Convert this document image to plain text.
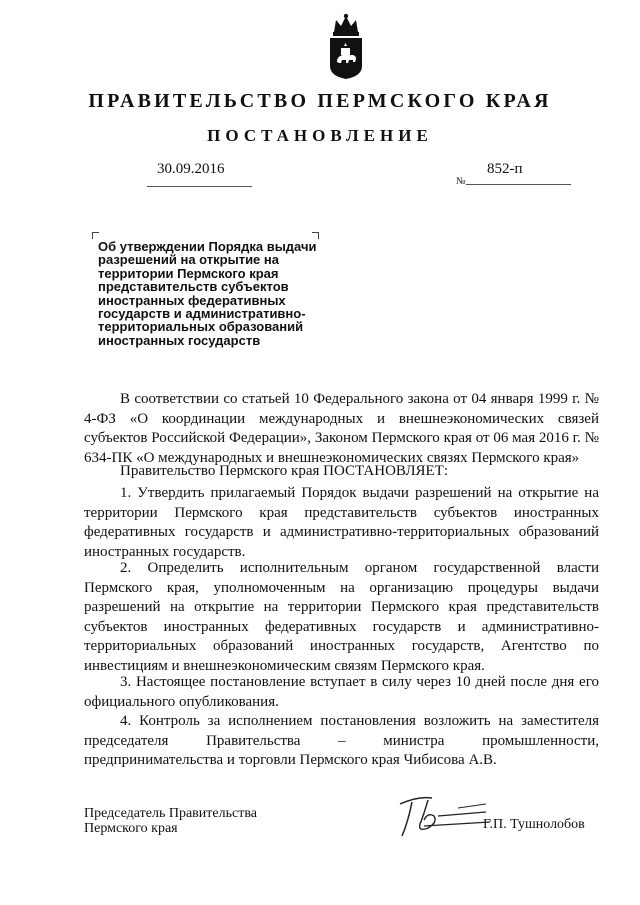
ПРАВИТЕЛЬСТВО ПЕРМСКОГО КРАЯ
ПОСТАНОВЛЕНИЕ
30.09.2016
№
852-п
Об утверждении Порядка выдачи разрешений на открытие на территории Пермского края представительств субъектов иностранных федеративных государств и административно-территориальных образований иностранных государств
В соответствии со статьей 10 Федерального закона от 04 января 1999 г. № 4-ФЗ «О координации международных и внешнеэкономических связей субъектов Российской Федерации», Законом Пермского края от 06 мая 2016 г. № 634-ПК «О международных и внешнеэкономических связях Пермского края»
Правительство Пермского края ПОСТАНОВЛЯЕТ:
1. Утвердить прилагаемый Порядок выдачи разрешений на открытие на территории Пермского края представительств субъектов иностранных федеративных государств и административно-территориальных образований иностранных государств.
2. Определить исполнительным органом государственной власти Пермского края, уполномоченным на организацию процедуры выдачи разрешений на открытие на территории Пермского края представительств субъектов иностранных федеративных государств и административно-территориальных образований иностранных государств, Агентство по инвестициям и внешнеэкономическим связям Пермского края.
3. Настоящее постановление вступает в силу через 10 дней после дня его официального опубликования.
4. Контроль за исполнением постановления возложить на заместителя председателя Правительства – министра промышленности, предпринимательства и торговли Пермского края Чибисова А.В.
Председатель Правительства
Пермского края	Г.П. Тушнолобов
